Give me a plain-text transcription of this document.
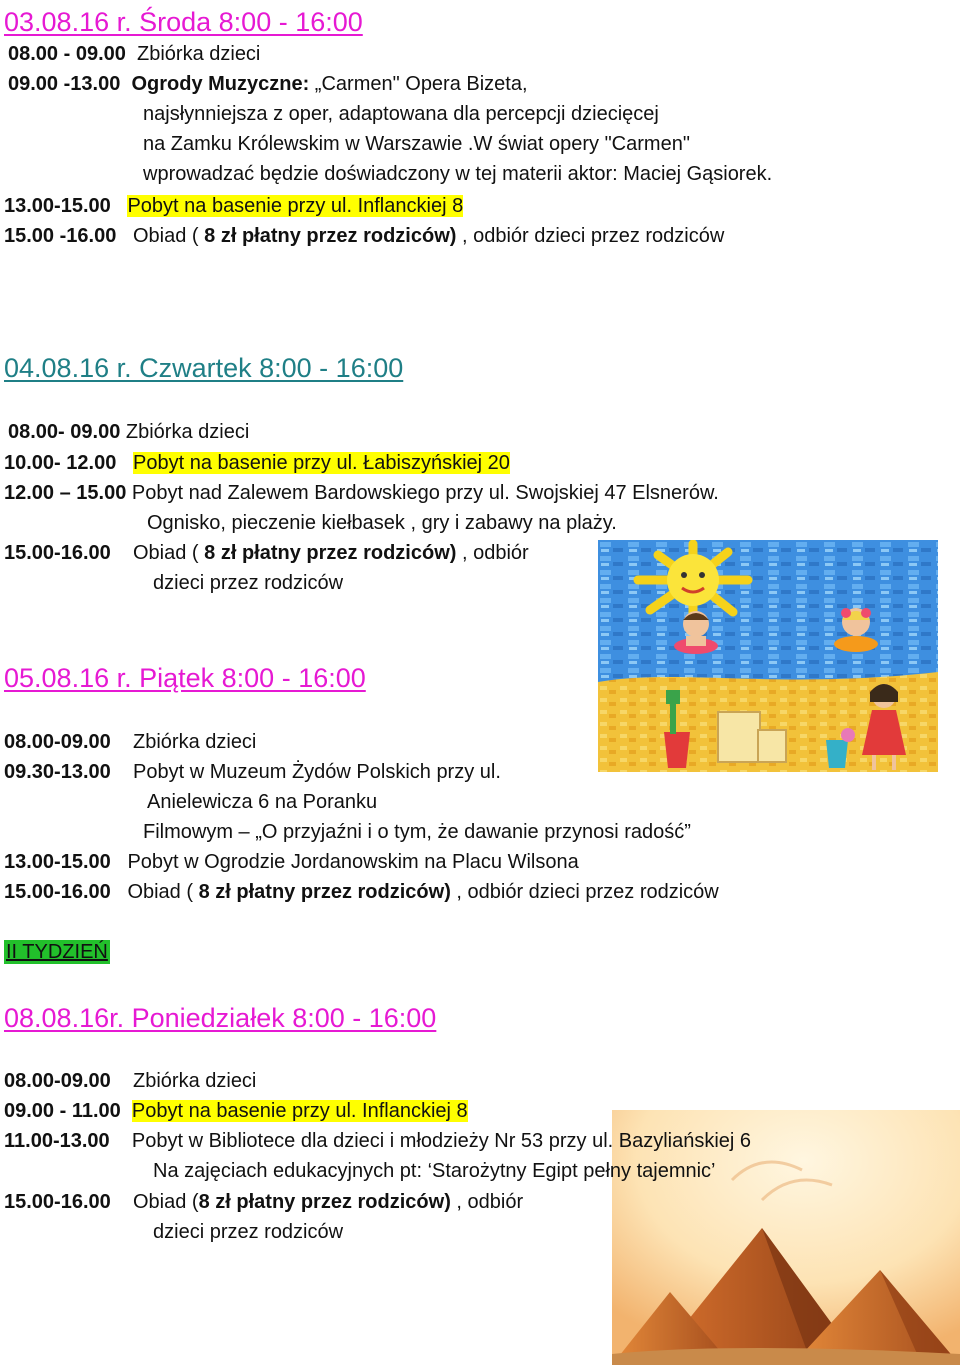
03.08.16 r. Środa 8:00 - 16:00
08.00 - 09.00 Zbiórka dzieci
09.00 -13.00 Ogrody Muzyczne: „Carmen" Opera Bizeta,
najsłynniejsza z oper, adaptowana dla percepcji dziecięcej
na Zamku Królewskim w Warszawie .W świat opery "Carmen"
wprowadzać będzie doświadczony w tej materii aktor: Maciej Gąsiorek.
13.00-15.00 Pobyt na basenie przy ul. Inflanckiej 8
15.00 -16.00 Obiad ( 8 zł płatny przez rodziców) , odbiór dzieci przez rodziców
04.08.16 r. Czwartek 8:00 - 16:00
08.00- 09.00 Zbiórka dzieci
10.00- 12.00 Pobyt na basenie przy ul. Łabiszyńskiej 20
12.00 – 15.00 Pobyt nad Zalewem Bardowskiego przy ul. Swojskiej 47 Elsnerów.
Ognisko, pieczenie kiełbasek , gry i zabawy na plaży.
15.00-16.00 Obiad ( 8 zł płatny przez rodziców) , odbiór
dzieci przez rodziców
05.08.16 r. Piątek 8:00 - 16:00
08.00-09.00 Zbiórka dzieci
09.30-13.00 Pobyt w Muzeum Żydów Polskich przy ul.
Anielewicza 6 na Poranku
Filmowym – „O przyjaźni i o tym, że dawanie przynosi radość”
13.00-15.00 Pobyt w Ogrodzie Jordanowskim na Placu Wilsona
15.00-16.00 Obiad ( 8 zł płatny przez rodziców) , odbiór dzieci przez rodziców
II TYDZIEŃ
08.08.16r. Poniedziałek 8:00 - 16:00
08.00-09.00 Zbiórka dzieci
09.00 - 11.00 Pobyt na basenie przy ul. Inflanckiej 8
11.00-13.00 Pobyt w Bibliotece dla dzieci i młodzieży Nr 53 przy ul. Bazyliańskiej 6
Na zajęciach edukacyjnych pt: ‘Starożytny Egipt pełny tajemnic’
15.00-16.00 Obiad (8 zł płatny przez rodziców) , odbiór
dzieci przez rodziców
